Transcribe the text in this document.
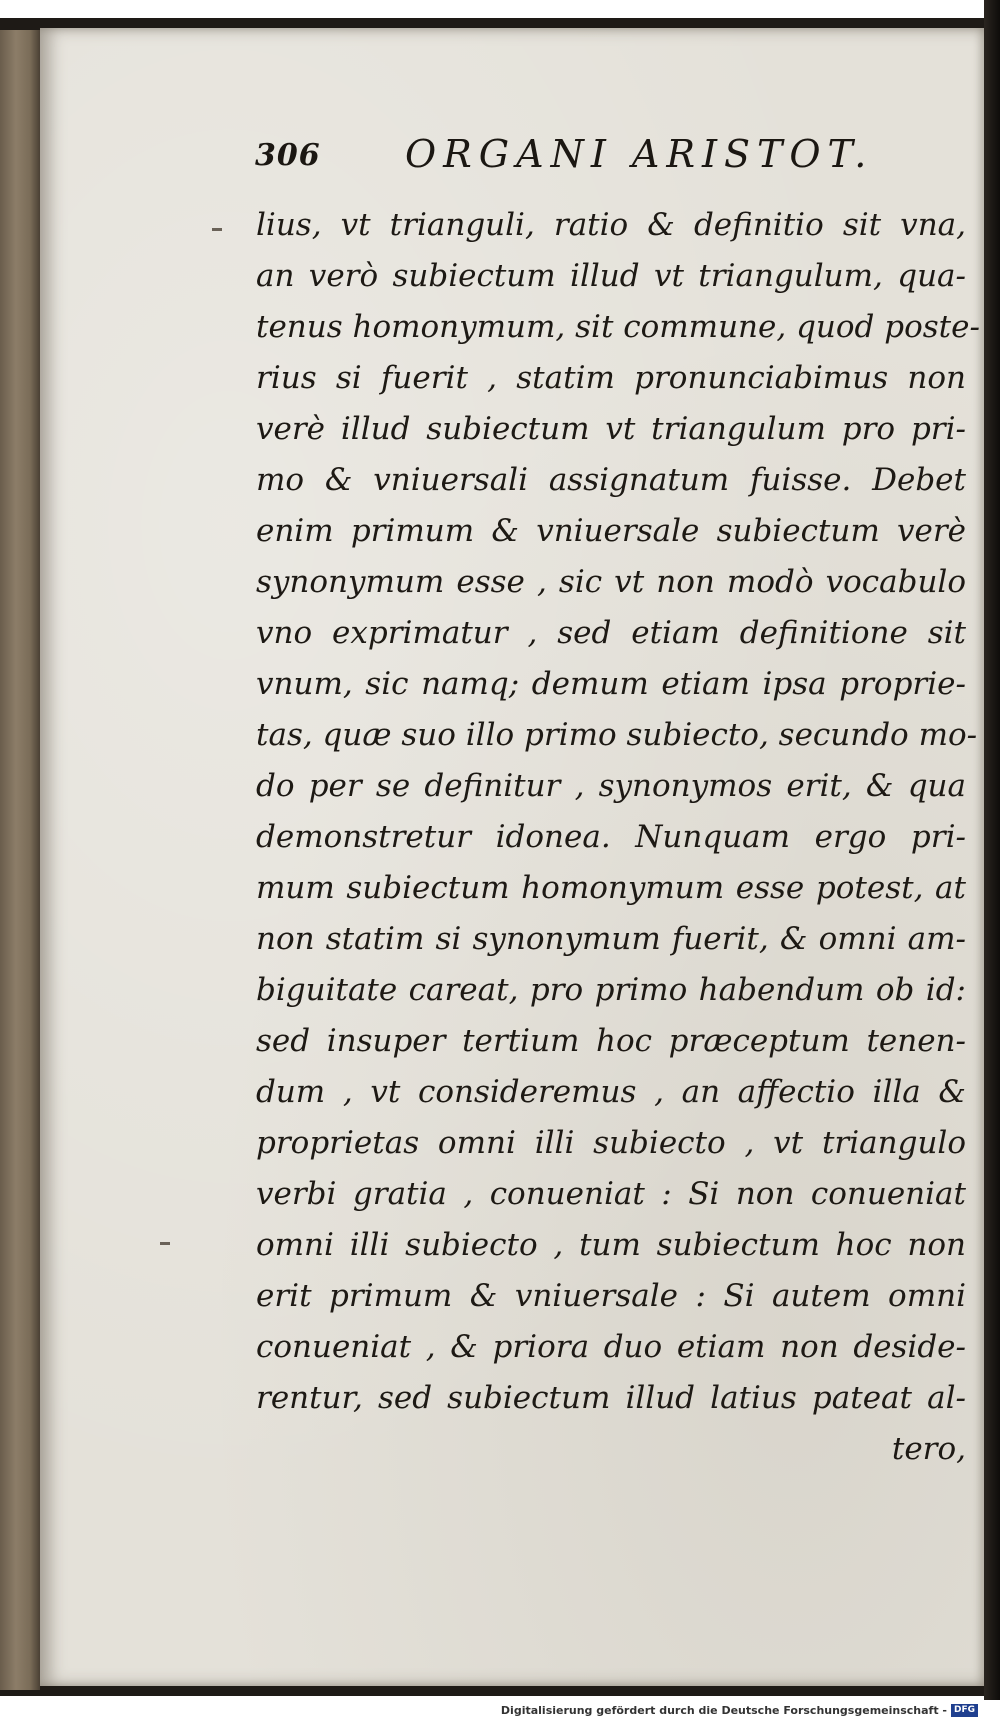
306 ORGANI ARISTOT.
lius, vt trianguli, ratio & definitio sit vna,
an verò subiectum illud vt triangulum, qua-
tenus homonymum, sit commune, quod poste-
rius si fuerit , statim pronunciabimus non
verè illud subiectum vt triangulum pro pri-
mo & vniuersali assignatum fuisse. Debet
enim primum & vniuersale subiectum verè
synonymum esse , sic vt non modò vocabulo
vno exprimatur , sed etiam definitione sit
vnum, sic namq; demum etiam ipsa proprie-
tas, quæ suo illo primo subiecto, secundo mo-
do per se definitur , synonymos erit, & qua
demonstretur idonea. Nunquam ergo pri-
mum subiectum homonymum esse potest, at
non statim si synonymum fuerit, & omni am-
biguitate careat, pro primo habendum ob id:
sed insuper tertium hoc præceptum tenen-
dum , vt consideremus , an affectio illa &
proprietas omni illi subiecto , vt triangulo
verbi gratia , conueniat : Si non conueniat
omni illi subiecto , tum subiectum hoc non
erit primum & vniuersale : Si autem omni
conueniat , & priora duo etiam non deside-
rentur, sed subiectum illud latius pateat al-
tero,
Digitalisierung gefördert durch die Deutsche Forschungsgemeinschaft - DFG
